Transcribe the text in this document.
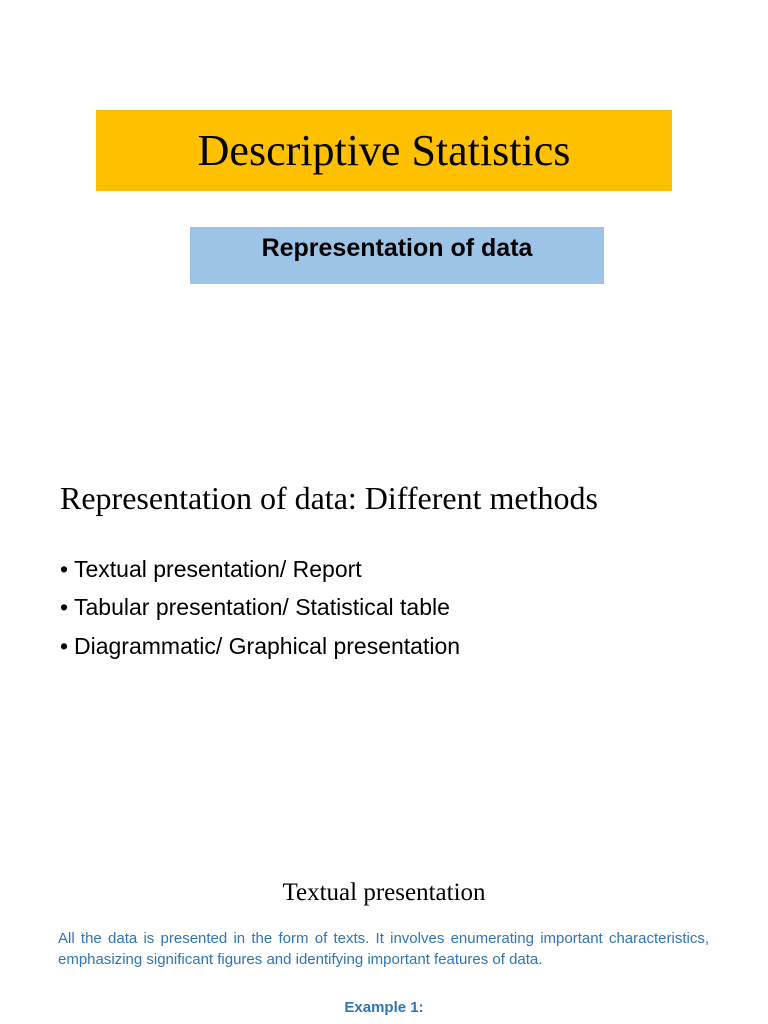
Descriptive Statistics
Representation of data
Representation of data: Different methods
• Textual presentation/ Report
• Tabular presentation/ Statistical table
• Diagrammatic/ Graphical presentation
Textual presentation

All the data is presented in the form of texts. It involves enumerating important characteristics, emphasizing significant figures and identifying important features of data.

Example 1:
